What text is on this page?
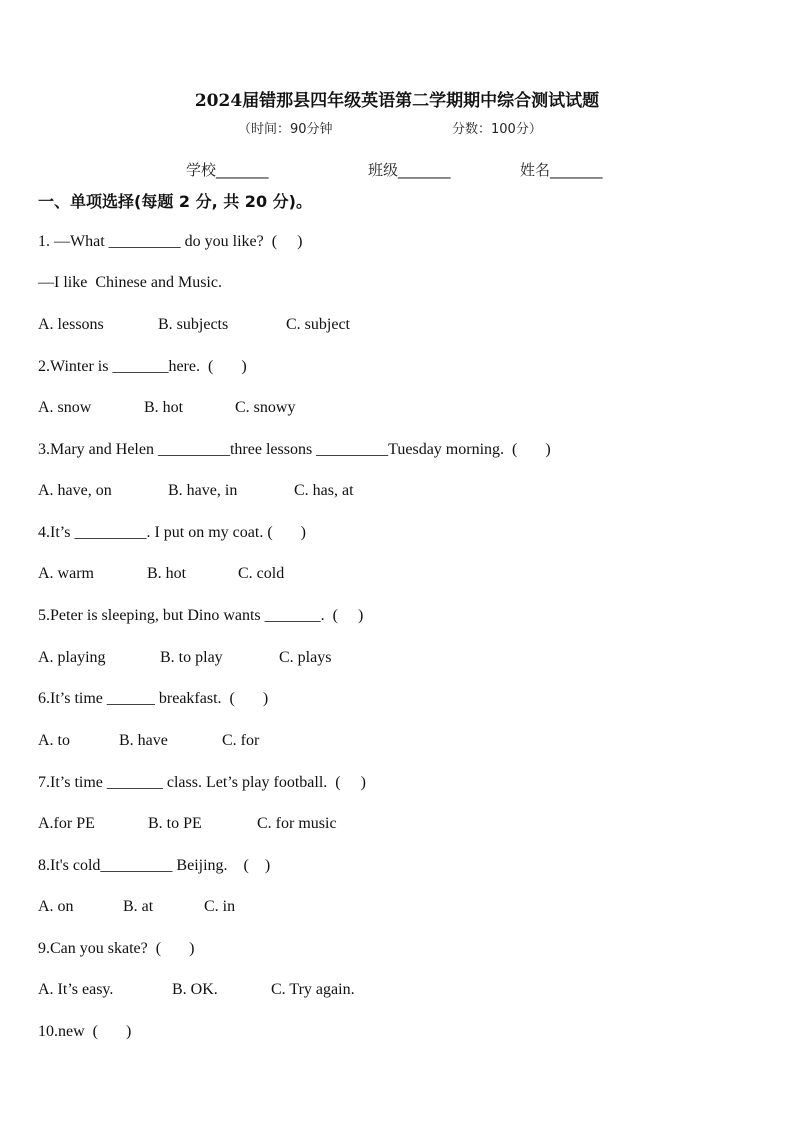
2024届错那县四年级英语第二学期期中综合测试试题
（时间：90分钟	分数：100分）
学校_______	班级_______	姓名_______
一、单项选择(每题 2 分, 共 20 分)。
1. —What _________ do you like?  (     )
—I like  Chinese and Music.
A. lessons	B. subjects	C. subject
2.Winter is _______here.  (       )
A. snow	B. hot	C. snowy
3.Mary and Helen _________three lessons _________Tuesday morning.  (       )
A. have, on	B. have, in	C. has, at
4.It’s _________. I put on my coat. (       )
A. warm	B. hot	C. cold
5.Peter is sleeping, but Dino wants _______.  (     )
A. playing	B. to play	C. plays
6.It’s time ______ breakfast.  (       )
A. to	B. have	C. for
7.It’s time _______ class. Let’s play football.  (     )
A.for PE	B. to PE	C. for music
8.It's cold_________ Beijing.    (    )
A. on	B. at	C. in
9.Can you skate?  (       )
A. It’s easy.	B. OK.	C. Try again.
10.new  (       )
